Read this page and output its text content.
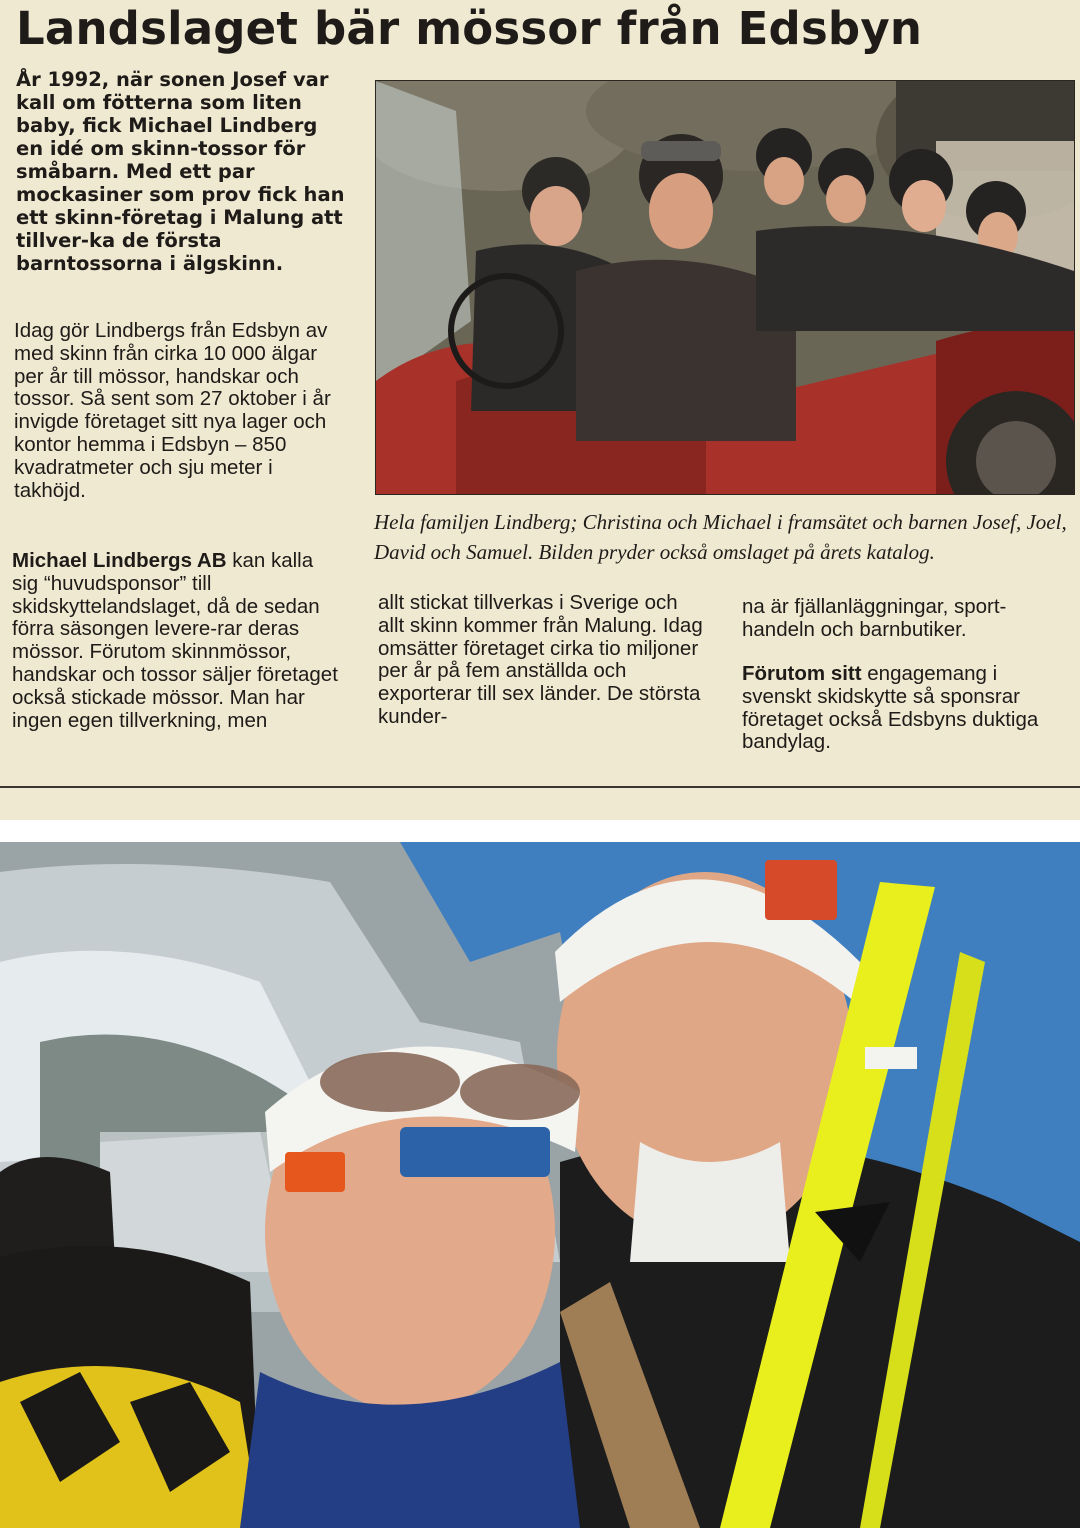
Landslaget bär mössor från Edsbyn

År 1992, när sonen Josef var kall om fötterna som liten baby, fick Michael Lindberg en idé om skinn-tossor för småbarn. Med ett par mockasiner som prov fick han ett skinn-företag i Malung att tillver-ka de första barntossorna i älgskinn.

Idag gör Lindbergs från Edsbyn av med skinn från cirka 10 000 älgar per år till mössor, handskar och tossor. Så sent som 27 oktober i år invigde företaget sitt nya lager och kontor hemma i Edsbyn – 850 kvadratmeter och sju meter i takhöjd.

Michael Lindbergs AB kan kalla sig “huvudsponsor” till skidskyttelandslaget, då de sedan förra säsongen levere-rar deras mössor. Förutom skinnmössor, handskar och tossor säljer företaget också stickade mössor. Man har ingen egen tillverkning, men

Hela familjen Lindberg; Christina och Michael i framsätet och barnen Josef, Joel, David och Samuel. Bilden pryder också omslaget på årets katalog.

allt stickat tillverkas i Sverige och allt skinn kommer från Malung. Idag omsätter företaget cirka tio miljoner per år på fem anställda och exporterar till sex länder. De största kunder-

na är fjällanläggningar, sport-handeln och barnbutiker.

Förutom sitt engagemang i svenskt skidskytte så sponsrar företaget också Edsbyns duktiga bandylag.
